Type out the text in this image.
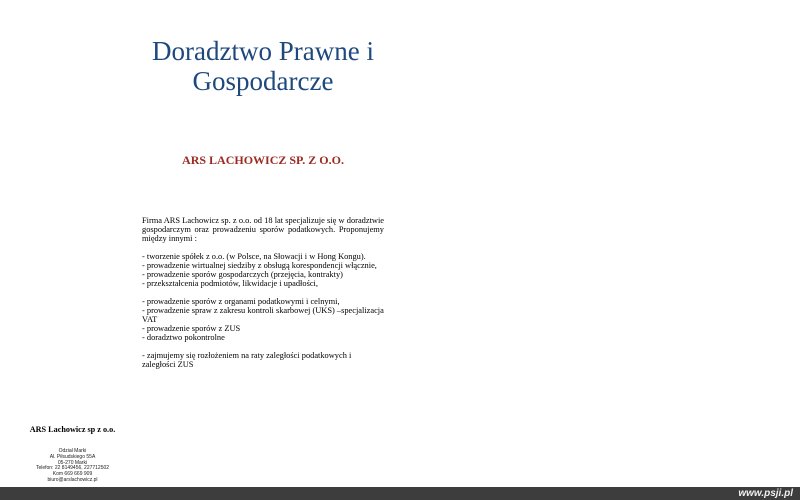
Doradztwo Prawne i Gospodarcze
ARS LACHOWICZ SP. Z O.O.

Firma ARS Lachowicz sp. z o.o. od 18 lat specjalizuje się w doradztwie gospodarczym oraz prowadzeniu sporów podatkowych. Proponujemy między innymi :

- tworzenie spółek z o.o. (w Polsce, na Słowacji i w Hong Kongu).
- prowadzenie wirtualnej siedziby z obsługą korespondencji włącznie,
- prowadzenie sporów gospodarczych (przejęcia, kontrakty)
- przekształcenia podmiotów, likwidacje i upadłości,

- prowadzenie sporów z organami podatkowymi i celnymi,
- prowadzenie spraw z zakresu kontroli skarbowej (UKS) –specjalizacja VAT
- prowadzenie sporów z ZUS
- doradztwo pokontrolne

- zajmujemy się rozłożeniem na raty zaległości podatkowych i zaległości ZUS

ARS Lachowicz sp z o.o.

Odział Marki
Al. Piłsudskiego 55A
05-270 Marki
Telefon: 22 8149456, 227712502
Kom 669 669 909
biuro@arslachowicz.pl

www.psji.pl
